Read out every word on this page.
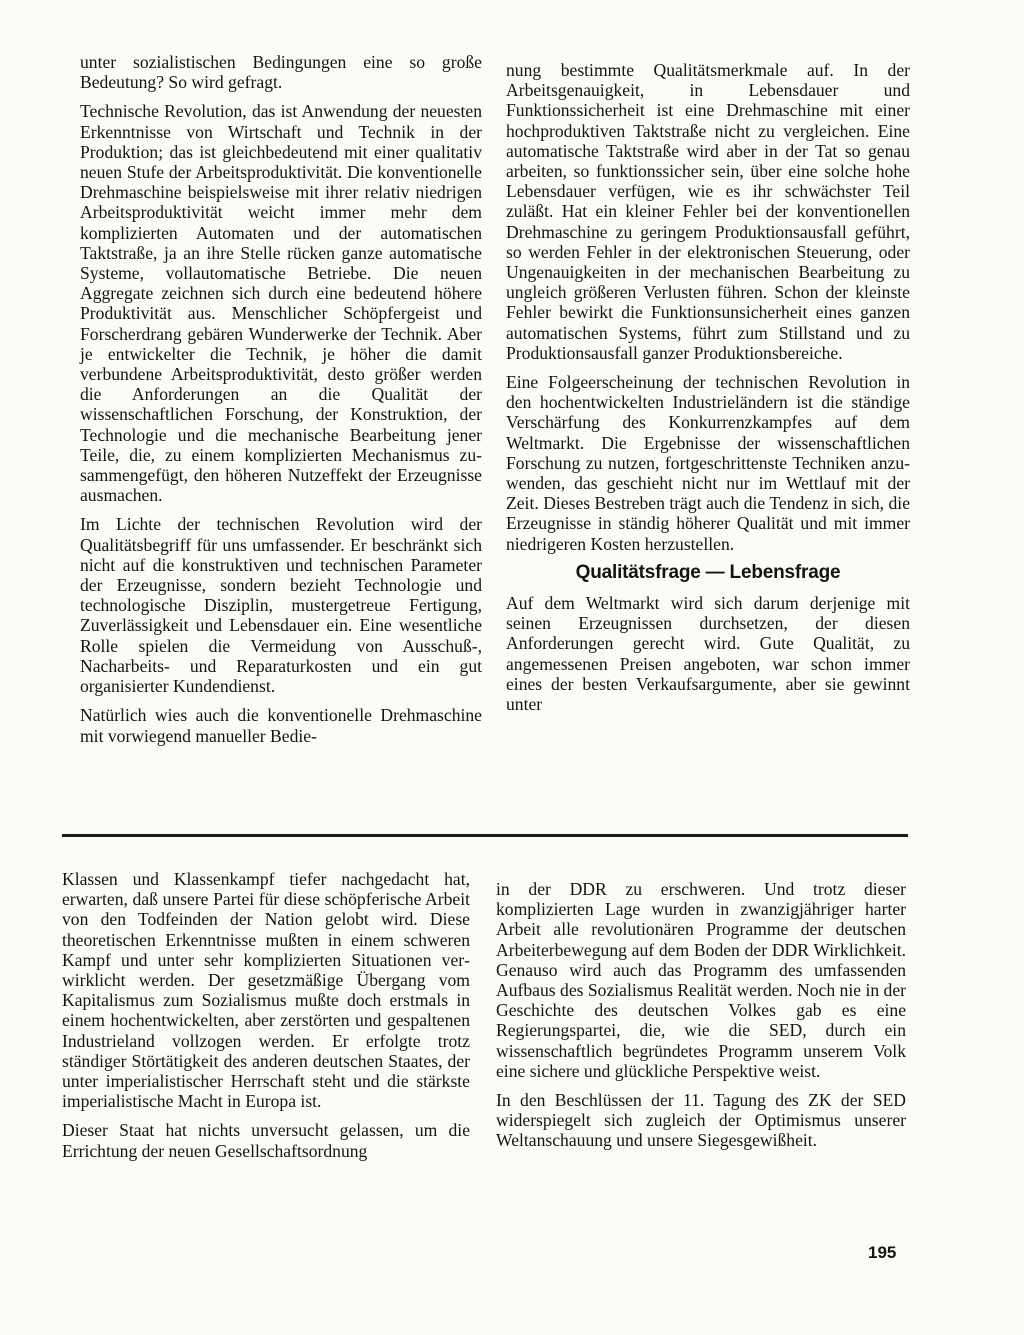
unter sozialistischen Bedingungen eine so große Bedeutung? So wird gefragt.

Technische Revolution, das ist Anwendung der neuesten Erkenntnisse von Wirtschaft und Technik in der Produktion; das ist gleichbedeutend mit einer qualitativ neuen Stufe der Arbeitsproduktivität. Die konventionelle Drehmaschine beispielsweise mit ihrer relativ niedrigen Arbeitsproduktivität weicht immer mehr dem komplizierten Automaten und der automatischen Taktstraße, ja an ihre Stelle rücken ganze automatische Systeme, vollautomatische Betriebe. Die neuen Aggregate zeichnen sich durch eine bedeutend höhere Produktivität aus. Menschlicher Schöpfergeist und Forscherdrang gebären Wunderwerke der Technik. Aber je entwickelter die Technik, je höher die damit verbundene Arbeitsproduktivität, desto größer werden die Anforderungen an die Qualität der wissenschaftlichen Forschung, der Konstruktion, der Technologie und die mechanische Bearbeitung jener Teile, die, zu einem komplizierten Mechanismus zusammengefügt, den höheren Nutzeffekt der Erzeugnisse ausmachen.

Im Lichte der technischen Revolution wird der Qualitätsbegriff für uns umfassender. Er beschränkt sich nicht auf die konstruktiven und technischen Parameter der Erzeugnisse, sondern bezieht Technologie und technologische Disziplin, mustergetreue Fertigung, Zuverlässigkeit und Lebensdauer ein. Eine wesentliche Rolle spielen die Vermeidung von Ausschuß-, Nacharbeits- und Reparaturkosten und ein gut organisierter Kundendienst.

Natürlich wies auch die konventionelle Drehmaschine mit vorwiegend manueller Bedie-

nung bestimmte Qualitätsmerkmale auf. In der Arbeitsgenauigkeit, in Lebensdauer und Funktionssicherheit ist eine Drehmaschine mit einer hochproduktiven Taktstraße nicht zu vergleichen. Eine automatische Taktstraße wird aber in der Tat so genau arbeiten, so funktionssicher sein, über eine solche hohe Lebensdauer verfügen, wie es ihr schwächster Teil zuläßt. Hat ein kleiner Fehler bei der konventionellen Drehmaschine zu geringem Produktionsausfall geführt, so werden Fehler in der elektronischen Steuerung, oder Ungenauigkeiten in der mechanischen Bearbeitung zu ungleich größeren Verlusten führen. Schon der kleinste Fehler bewirkt die Funktionsunsicherheit eines ganzen automatischen Systems, führt zum Stillstand und zu Produktionsausfall ganzer Produktionsbereiche.

Eine Folgeerscheinung der technischen Revolution in den hochentwickelten Industrieländern ist die ständige Verschärfung des Konkurrenzkampfes auf dem Weltmarkt. Die Ergebnisse der wissenschaftlichen Forschung zu nutzen, fortgeschrittenste Techniken anzuwenden, das geschieht nicht nur im Wettlauf mit der Zeit. Dieses Bestreben trägt auch die Tendenz in sich, die Erzeugnisse in ständig höherer Qualität und mit immer niedrigeren Kosten herzustellen.

Qualitätsfrage — Lebensfrage

Auf dem Weltmarkt wird sich darum derjenige mit seinen Erzeugnissen durchsetzen, der diesen Anforderungen gerecht wird. Gute Qualität, zu angemessenen Preisen angeboten, war schon immer eines der besten Verkaufsargumente, aber sie gewinnt unter

Klassen und Klassenkampf tiefer nachgedacht hat, erwarten, daß unsere Partei für diese schöpferische Arbeit von den Todfeinden der Nation gelobt wird. Diese theoretischen Erkenntnisse mußten in einem schweren Kampf und unter sehr komplizierten Situationen verwirklicht werden. Der gesetzmäßige Übergang vom Kapitalismus zum Sozialismus mußte doch erstmals in einem hochentwickelten, aber zerstörten und gespaltenen Industrieland vollzogen werden. Er erfolgte trotz ständiger Störtätigkeit des anderen deutschen Staates, der unter imperialistischer Herrschaft steht und die stärkste imperialistische Macht in Europa ist.

Dieser Staat hat nichts unversucht gelassen, um die Errichtung der neuen Gesellschaftsordnung

in der DDR zu erschweren. Und trotz dieser komplizierten Lage wurden in zwanzigjähriger harter Arbeit alle revolutionären Programme der deutschen Arbeiterbewegung auf dem Boden der DDR Wirklichkeit. Genauso wird auch das Programm des umfassenden Aufbaus des Sozialismus Realität werden. Noch nie in der Geschichte des deutschen Volkes gab es eine Regierungspartei, die, wie die SED, durch ein wissenschaftlich begründetes Programm unserem Volk eine sichere und glückliche Perspektive weist.

In den Beschlüssen der 11. Tagung des ZK der SED widerspiegelt sich zugleich der Optimismus unserer Weltanschauung und unsere Siegesgewißheit.

195
